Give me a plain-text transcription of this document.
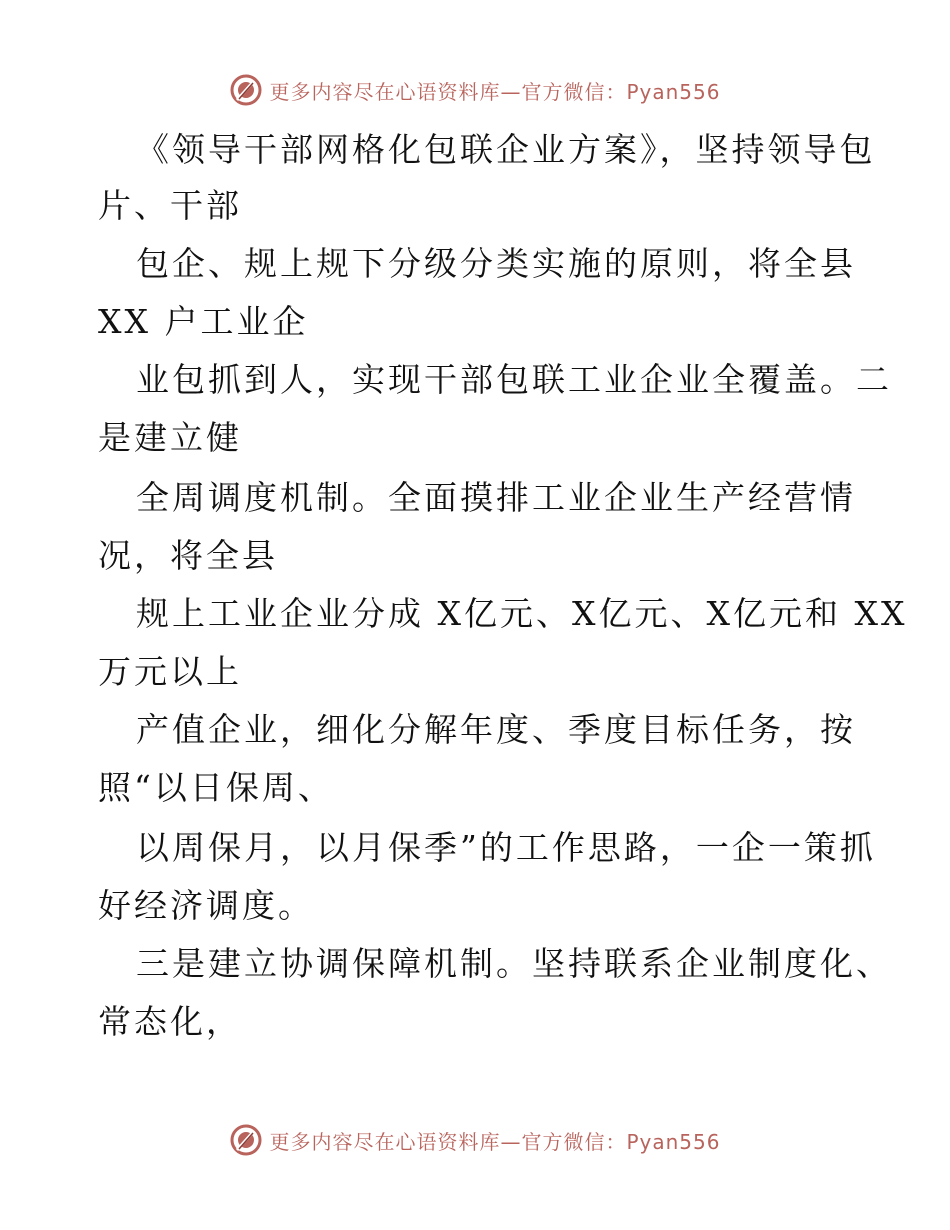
更多内容尽在心语资料库—官方微信：Pyan556
《领导干部网格化包联企业方案》，坚持领导包
片、干部
包企、规上规下分级分类实施的原则，将全县
XX 户工业企
业包抓到人，实现干部包联工业企业全覆盖。二
是建立健
全周调度机制。全面摸排工业企业生产经营情
况，将全县
规上工业企业分成 X亿元、X亿元、X亿元和 XX
万元以上
产值企业，细化分解年度、季度目标任务，按
照“以日保周、
以周保月，以月保季”的工作思路，一企一策抓
好经济调度。
三是建立协调保障机制。坚持联系企业制度化、
常态化，
更多内容尽在心语资料库—官方微信：Pyan556
